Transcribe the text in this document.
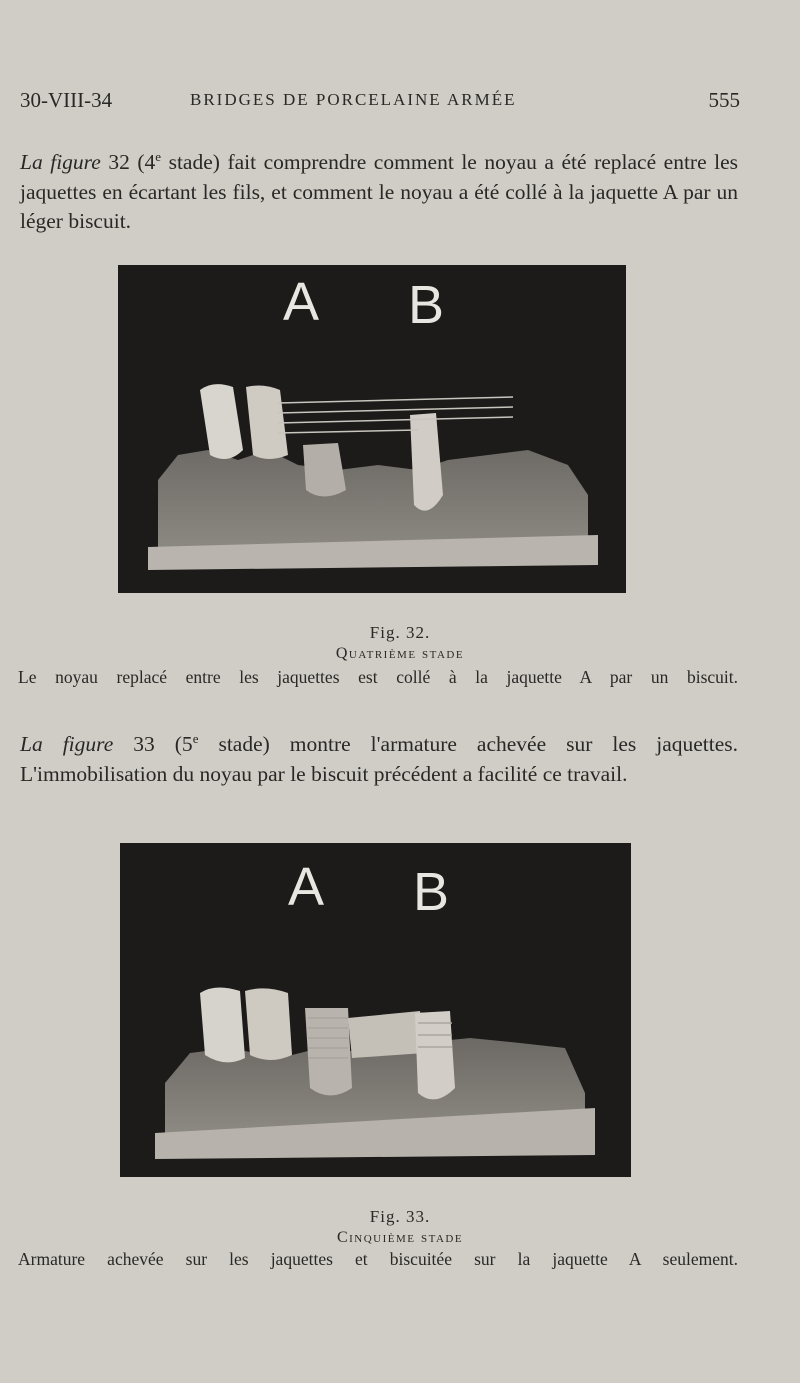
30-VIII-34	BRIDGES DE PORCELAINE ARMÉE	555
La figure 32 (4e stade) fait comprendre comment le noyau a été replacé entre les jaquettes en écartant les fils, et comment le noyau a été collé à la jaquette A par un léger biscuit.
A B
Fig. 32.
Quatrième stade
Le noyau replacé entre les jaquettes est collé à la jaquette A par un biscuit.
La figure 33 (5e stade) montre l'armature achevée sur les jaquettes. L'immobilisation du noyau par le biscuit précédent a facilité ce travail.
A B
Fig. 33.
Cinquième stade
Armature achevée sur les jaquettes et biscuitée sur la jaquette A seulement.
